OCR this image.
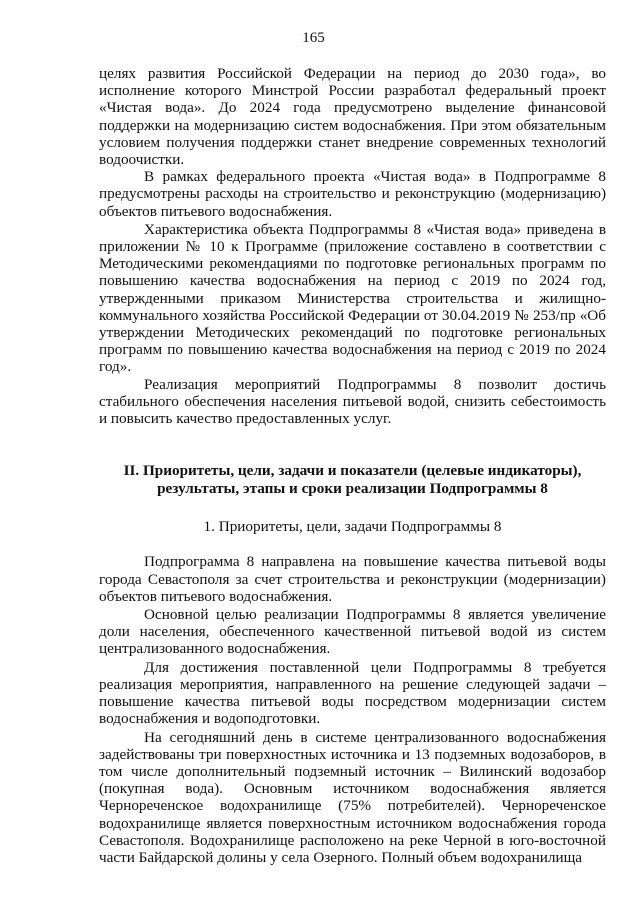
165

целях развития Российской Федерации на период до 2030 года», во исполнение которого Минстрой России разработал федеральный проект «Чистая вода». До 2024 года предусмотрено выделение финансовой поддержки на модернизацию систем водоснабжения. При этом обязательным условием получения поддержки станет внедрение современных технологий водоочистки.

В рамках федерального проекта «Чистая вода» в Подпрограмме 8 предусмотрены расходы на строительство и реконструкцию (модернизацию) объектов питьевого водоснабжения.

Характеристика объекта Подпрограммы 8 «Чистая вода» приведена в приложении № 10 к Программе (приложение составлено в соответствии с Методическими рекомендациями по подготовке региональных программ по повышению качества водоснабжения на период с 2019 по 2024 год, утвержденными приказом Министерства строительства и жилищно-коммунального хозяйства Российской Федерации от 30.04.2019 № 253/пр «Об утверждении Методических рекомендаций по подготовке региональных программ по повышению качества водоснабжения на период с 2019 по 2024 год».

Реализация мероприятий Подпрограммы 8 позволит достичь стабильного обеспечения населения питьевой водой, снизить себестоимость и повысить качество предоставленных услуг.

II. Приоритеты, цели, задачи и показатели (целевые индикаторы), результаты, этапы и сроки реализации Подпрограммы 8
1. Приоритеты, цели, задачи Подпрограммы 8

Подпрограмма 8 направлена на повышение качества питьевой воды города Севастополя за счет строительства и реконструкции (модернизации) объектов питьевого водоснабжения.

Основной целью реализации Подпрограммы 8 является увеличение доли населения, обеспеченного качественной питьевой водой из систем централизованного водоснабжения.

Для достижения поставленной цели Подпрограммы 8 требуется реализация мероприятия, направленного на решение следующей задачи – повышение качества питьевой воды посредством модернизации систем водоснабжения и водоподготовки.

На сегодняшний день в системе централизованного водоснабжения задействованы три поверхностных источника и 13 подземных водозаборов, в том числе дополнительный подземный источник – Вилинский водозабор (покупная вода). Основным источником водоснабжения является Чернореченское водохранилище (75% потребителей). Чернореченское водохранилище является поверхностным источником водоснабжения города Севастополя. Водохранилище расположено на реке Черной в юго-восточной части Байдарской долины у села Озерного. Полный объем водохранилища
